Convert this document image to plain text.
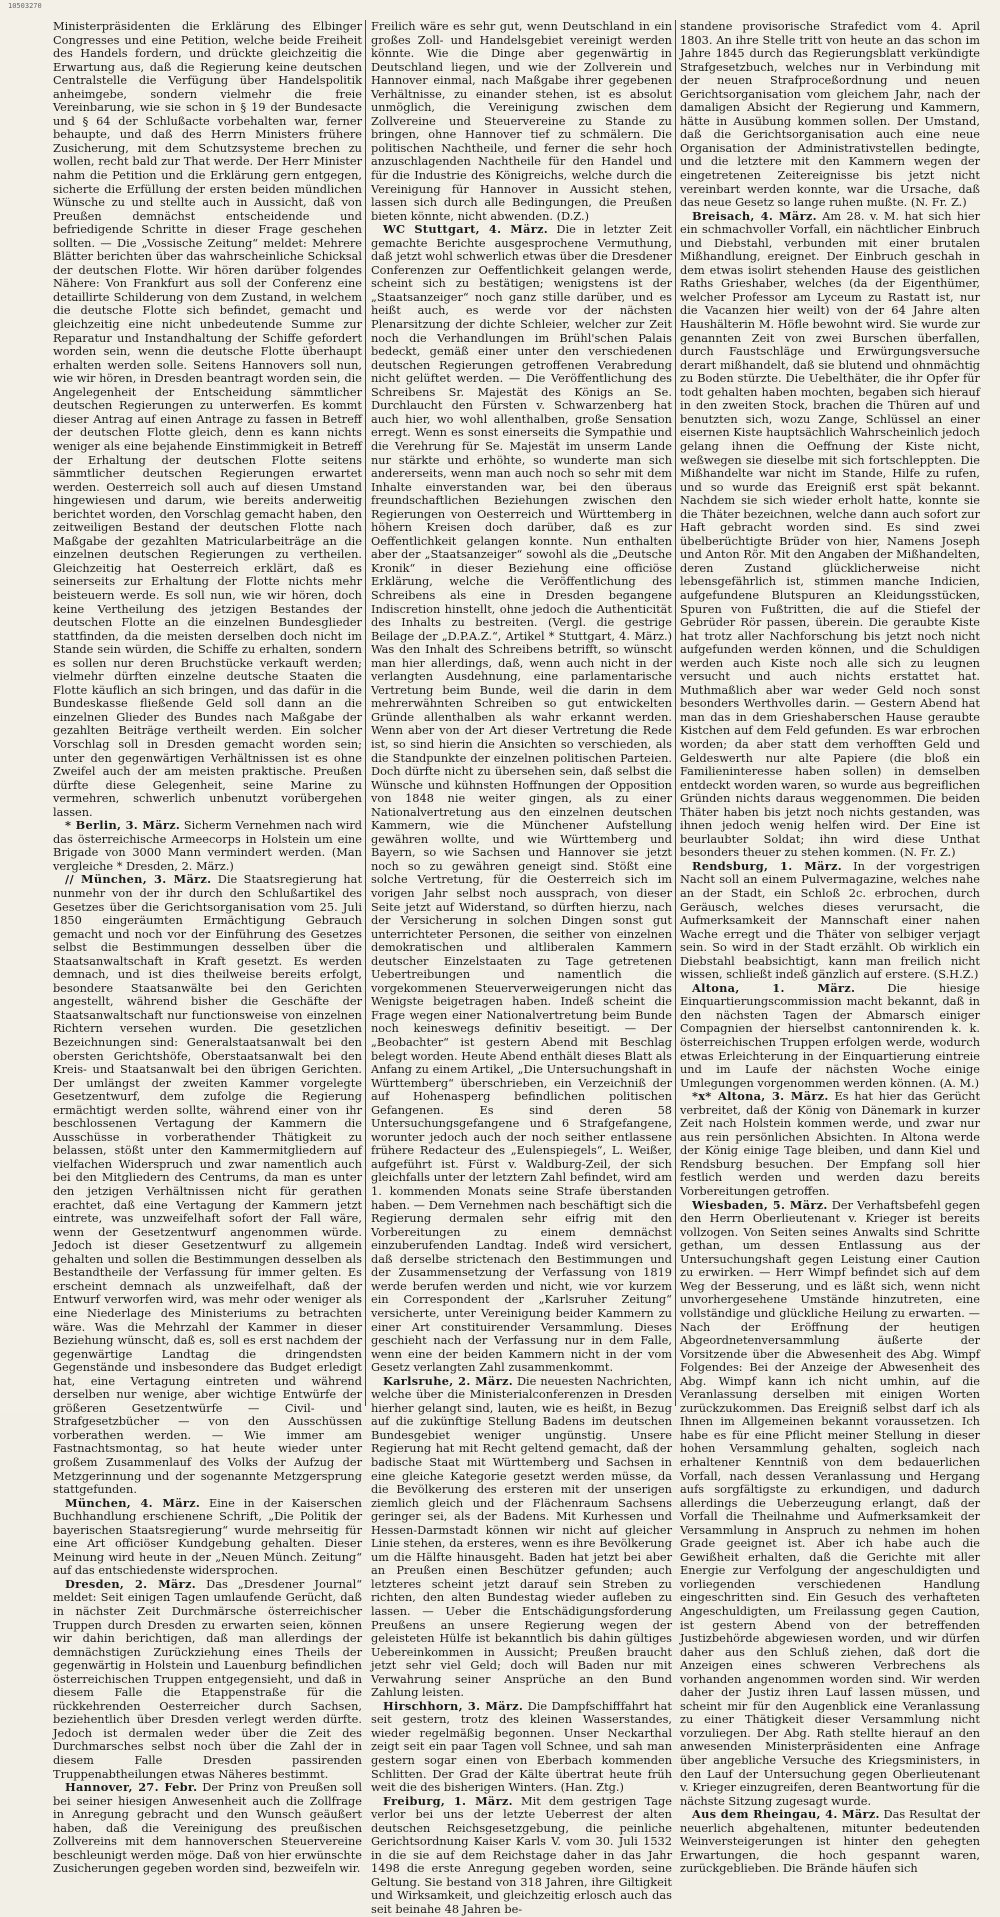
10503270

Ministerpräsidenten die Erklärung des Elbinger Congresses und eine Petition, welche beide Freiheit des Handels fordern, und drückte gleichzeitig die Erwartung aus, daß die Regierung keine deutschen Centralstelle die Verfügung über Handelspolitik anheimgebe, sondern vielmehr die freie Vereinbarung, wie sie schon in § 19 der Bundesacte und § 64 der Schlußacte vorbehalten war, ferner behaupte, und daß des Herrn Ministers frühere Zusicherung, mit dem Schutzsysteme brechen zu wollen, recht bald zur That werde. Der Herr Minister nahm die Petition und die Erklärung gern entgegen, sicherte die Erfüllung der ersten beiden mündlichen Wünsche zu und stellte auch in Aussicht, daß von Preußen demnächst entscheidende und befriedigende Schritte in dieser Frage geschehen sollten. — Die „Vossische Zeitung“ meldet: Mehrere Blätter berichten über das wahrscheinliche Schicksal der deutschen Flotte. Wir hören darüber folgendes Nähere: Von Frankfurt aus soll der Conferenz eine detaillirte Schilderung von dem Zustand, in welchem die deutsche Flotte sich befindet, gemacht und gleichzeitig eine nicht unbedeutende Summe zur Reparatur und Instandhaltung der Schiffe gefordert worden sein, wenn die deutsche Flotte überhaupt erhalten werden solle. Seitens Hannovers soll nun, wie wir hören, in Dresden beantragt worden sein, die Angelegenheit der Entscheidung sämmtlicher deutschen Regierungen zu unterwerfen. Es kommt dieser Antrag auf einen Antrage zu fassen in Betreff der deutschen Flotte gleich, denn es kann nichts weniger als eine bejahende Einstimmigkeit in Betreff der Erhaltung der deutschen Flotte seitens sämmtlicher deutschen Regierungen erwartet werden. Oesterreich soll auch auf diesen Umstand hingewiesen und darum, wie bereits anderweitig berichtet worden, den Vorschlag gemacht haben, den zeitweiligen Bestand der deutschen Flotte nach Maßgabe der gezahlten Matricularbeiträge an die einzelnen deutschen Regierungen zu vertheilen. Gleichzeitig hat Oesterreich erklärt, daß es seinerseits zur Erhaltung der Flotte nichts mehr beisteuern werde. Es soll nun, wie wir hören, doch keine Vertheilung des jetzigen Bestandes der deutschen Flotte an die einzelnen Bundesglieder stattfinden, da die meisten derselben doch nicht im Stande sein würden, die Schiffe zu erhalten, sondern es sollen nur deren Bruchstücke verkauft werden; vielmehr dürften einzelne deutsche Staaten die Flotte käuflich an sich bringen, und das dafür in die Bundeskasse fließende Geld soll dann an die einzelnen Glieder des Bundes nach Maßgabe der gezahlten Beiträge vertheilt werden. Ein solcher Vorschlag soll in Dresden gemacht worden sein; unter den gegenwärtigen Verhältnissen ist es ohne Zweifel auch der am meisten praktische. Preußen dürfte diese Gelegenheit, seine Marine zu vermehren, schwerlich unbenutzt vorübergehen lassen.

* Berlin, 3. März. Sicherm Vernehmen nach wird das österreichische Armeecorps in Holstein um eine Brigade von 3000 Mann vermindert werden. (Man vergleiche * Dresden, 2. März.)

// München, 3. März. Die Staatsregierung hat nunmehr von der ihr durch den Schlußartikel des Gesetzes über die Gerichtsorganisation vom 25. Juli 1850 eingeräumten Ermächtigung Gebrauch gemacht und noch vor der Einführung des Gesetzes selbst die Bestimmungen desselben über die Staatsanwaltschaft in Kraft gesetzt. Es werden demnach, und ist dies theilweise bereits erfolgt, besondere Staatsanwälte bei den Gerichten angestellt, während bisher die Geschäfte der Staatsanwaltschaft nur functionsweise von einzelnen Richtern versehen wurden. Die gesetzlichen Bezeichnungen sind: Generalstaatsanwalt bei den obersten Gerichtshöfe, Oberstaatsanwalt bei den Kreis- und Staatsanwalt bei den übrigen Gerichten. Der umlängst der zweiten Kammer vorgelegte Gesetzentwurf, dem zufolge die Regierung ermächtigt werden sollte, während einer von ihr beschlossenen Vertagung der Kammern die Ausschüsse in vorberathender Thätigkeit zu belassen, stößt unter den Kammermitgliedern auf vielfachen Widerspruch und zwar namentlich auch bei den Mitgliedern des Centrums, da man es unter den jetzigen Verhältnissen nicht für gerathen erachtet, daß eine Vertagung der Kammern jetzt eintrete, was unzweifelhaft sofort der Fall wäre, wenn der Gesetzentwurf angenommen würde. Jedoch ist dieser Gesetzentwurf zu allgemein gehalten und sollen die Bestimmungen desselben als Bestandtheile der Verfassung für immer gelten. Es erscheint demnach als unzweifelhaft, daß der Entwurf verworfen wird, was mehr oder weniger als eine Niederlage des Ministeriums zu betrachten wäre. Was die Mehrzahl der Kammer in dieser Beziehung wünscht, daß es, soll es erst nachdem der gegenwärtige Landtag die dringendsten Gegenstände und insbesondere das Budget erledigt hat, eine Vertagung eintreten und während derselben nur wenige, aber wichtige Entwürfe der größeren Gesetzentwürfe — Civil- und Strafgesetzbücher — von den Ausschüssen vorberathen werden. — Wie immer am Fastnachtsmontag, so hat heute wieder unter großem Zusammenlauf des Volks der Aufzug der Metzgerinnung und der sogenannte Metzgersprung stattgefunden.

München, 4. März. Eine in der Kaiserschen Buchhandlung erschienene Schrift, „Die Politik der bayerischen Staatsregierung“ wurde mehrseitig für eine Art officiöser Kundgebung gehalten. Dieser Meinung wird heute in der „Neuen Münch. Zeitung“ auf das entschiedenste widersprochen.

Dresden, 2. März. Das „Dresdener Journal“ meldet: Seit einigen Tagen umlaufende Gerücht, daß in nächster Zeit Durchmärsche österreichischer Truppen durch Dresden zu erwarten seien, können wir dahin berichtigen, daß man allerdings der demnächstigen Zurückziehung eines Theils der gegenwärtig in Holstein und Lauenburg befindlichen österreichischen Truppen entgegensieht, und daß in diesem Falle die Etappenstraße für die rückkehrenden Oesterreicher durch Sachsen, beziehentlich über Dresden verlegt werden dürfte. Jedoch ist dermalen weder über die Zeit des Durchmarsches selbst noch über die Zahl der in diesem Falle Dresden passirenden Truppenabtheilungen etwas Näheres bestimmt.

Hannover, 27. Febr. Der Prinz von Preußen soll bei seiner hiesigen Anwesenheit auch die Zollfrage in Anregung gebracht und den Wunsch geäußert haben, daß die Vereinigung des preußischen Zollvereins mit dem hannoverschen Steuervereine beschleunigt werden möge. Daß von hier erwünschte Zusicherungen gegeben worden sind, bezweifeln wir.

Freilich wäre es sehr gut, wenn Deutschland in ein großes Zoll- und Handelsgebiet vereinigt werden könnte. Wie die Dinge aber gegenwärtig in Deutschland liegen, und wie der Zollverein und Hannover einmal, nach Maßgabe ihrer gegebenen Verhältnisse, zu einander stehen, ist es absolut unmöglich, die Vereinigung zwischen dem Zollvereine und Steuervereine zu Stande zu bringen, ohne Hannover tief zu schmälern. Die politischen Nachtheile, und ferner die sehr hoch anzuschlagenden Nachtheile für den Handel und für die Industrie des Königreichs, welche durch die Vereinigung für Hannover in Aussicht stehen, lassen sich durch alle Bedingungen, die Preußen bieten könnte, nicht abwenden. (D.Z.)

WC Stuttgart, 4. März. Die in letzter Zeit gemachte Berichte ausgesprochene Vermuthung, daß jetzt wohl schwerlich etwas über die Dresdener Conferenzen zur Oeffentlichkeit gelangen werde, scheint sich zu bestätigen; wenigstens ist der „Staatsanzeiger“ noch ganz stille darüber, und es heißt auch, es werde vor der nächsten Plenarsitzung der dichte Schleier, welcher zur Zeit noch die Verhandlungen im Brühl'schen Palais bedeckt, gemäß einer unter den verschiedenen deutschen Regierungen getroffenen Verabredung nicht gelüftet werden. — Die Veröffentlichung des Schreibens Sr. Majestät des Königs an Se. Durchlaucht den Fürsten v. Schwarzenberg hat auch hier, wo wohl allenthalben, große Sensation erregt. Wenn es sonst einerseits die Sympathie und die Verehrung für Se. Majestät im unserm Lande nur stärkte und erhöhte, so wunderte man sich andererseits, wenn man auch noch so sehr mit dem Inhalte einverstanden war, bei den überaus freundschaftlichen Beziehungen zwischen den Regierungen von Oesterreich und Württemberg in höhern Kreisen doch darüber, daß es zur Oeffentlichkeit gelangen konnte. Nun enthalten aber der „Staatsanzeiger“ sowohl als die „Deutsche Kronik“ in dieser Beziehung eine officiöse Erklärung, welche die Veröffentlichung des Schreibens als eine in Dresden begangene Indiscretion hinstellt, ohne jedoch die Authenticität des Inhalts zu bestreiten. (Vergl. die gestrige Beilage der „D.P.A.Z.“, Artikel * Stuttgart, 4. März.) Was den Inhalt des Schreibens betrifft, so wünscht man hier allerdings, daß, wenn auch nicht in der verlangten Ausdehnung, eine parlamentarische Vertretung beim Bunde, weil die darin in dem mehrerwähnten Schreiben so gut entwickelten Gründe allenthalben als wahr erkannt werden. Wenn aber von der Art dieser Vertretung die Rede ist, so sind hierin die Ansichten so verschieden, als die Standpunkte der einzelnen politischen Parteien. Doch dürfte nicht zu übersehen sein, daß selbst die Wünsche und kühnsten Hoffnungen der Opposition von 1848 nie weiter gingen, als zu einer Nationalvertretung aus den einzelnen deutschen Kammern, wie die Münchener Aufstellung gewähren wollte, und wie Württemberg und Bayern, so wie Sachsen und Hannover sie jetzt noch so zu gewähren geneigt sind. Stößt eine solche Vertretung, für die Oesterreich sich im vorigen Jahr selbst noch aussprach, von dieser Seite jetzt auf Widerstand, so dürften hierzu, nach der Versicherung in solchen Dingen sonst gut unterrichteter Personen, die seither von einzelnen demokratischen und altliberalen Kammern deutscher Einzelstaaten zu Tage getretenen Uebertreibungen und namentlich die vorgekommenen Steuerverweigerungen nicht das Wenigste beigetragen haben. Indeß scheint die Frage wegen einer Nationalvertretung beim Bunde noch keineswegs definitiv beseitigt. — Der „Beobachter“ ist gestern Abend mit Beschlag belegt worden. Heute Abend enthält dieses Blatt als Anfang zu einem Artikel, „Die Untersuchungshaft in Württemberg“ überschrieben, ein Verzeichniß der auf Hohenasperg befindlichen politischen Gefangenen. Es sind deren 58 Untersuchungsgefangene und 6 Strafgefangene, worunter jedoch auch der noch seither entlassene frühere Redacteur des „Eulenspiegels“, L. Weißer, aufgeführt ist. Fürst v. Waldburg-Zeil, der sich gleichfalls unter der letztern Zahl befindet, wird am 1. kommenden Monats seine Strafe überstanden haben. — Dem Vernehmen nach beschäftigt sich die Regierung dermalen sehr eifrig mit den Vorbereitungen zu einem demnächst einzuberufenden Landtag. Indeß wird versichert, daß derselbe strictenach den Bestimmungen und der Zusammensetzung der Verfassung von 1819 werde berufen werden und nicht, wie vor kurzem ein Correspondent der „Karlsruher Zeitung“ versicherte, unter Vereinigung beider Kammern zu einer Art constituirender Versammlung. Dieses geschieht nach der Verfassung nur in dem Falle, wenn eine der beiden Kammern nicht in der vom Gesetz verlangten Zahl zusammenkommt.

Karlsruhe, 2. März. Die neuesten Nachrichten, welche über die Ministerialconferenzen in Dresden hierher gelangt sind, lauten, wie es heißt, in Bezug auf die zukünftige Stellung Badens im deutschen Bundesgebiet weniger ungünstig. Unsere Regierung hat mit Recht geltend gemacht, daß der badische Staat mit Württemberg und Sachsen in eine gleiche Kategorie gesetzt werden müsse, da die Bevölkerung des ersteren mit der unserigen ziemlich gleich und der Flächenraum Sachsens geringer sei, als der Badens. Mit Kurhessen und Hessen-Darmstadt können wir nicht auf gleicher Linie stehen, da ersteres, wenn es ihre Bevölkerung um die Hälfte hinausgeht. Baden hat jetzt bei aber an Preußen einen Beschützer gefunden; auch letzteres scheint jetzt darauf sein Streben zu richten, den alten Bundestag wieder aufleben zu lassen. — Ueber die Entschädigungsforderung Preußens an unsere Regierung wegen der geleisteten Hülfe ist bekanntlich bis dahin gültiges Uebereinkommen in Aussicht; Preußen braucht jetzt sehr viel Geld; doch will Baden nur mit Verwahrung seiner Ansprüche an den Bund Zahlung leisten.

Hirschhorn, 3. März. Die Dampfschifffahrt hat seit gestern, trotz des kleinen Wasserstandes, wieder regelmäßig begonnen. Unser Neckarthal zeigt seit ein paar Tagen voll Schnee, und sah man gestern sogar einen von Eberbach kommenden Schlitten. Der Grad der Kälte übertrat heute früh weit die des bisherigen Winters. (Han. Ztg.)

Freiburg, 1. März. Mit dem gestrigen Tage verlor bei uns der letzte Ueberrest der alten deutschen Reichsgesetzgebung, die peinliche Gerichtsordnung Kaiser Karls V. vom 30. Juli 1532 in die sie auf dem Reichstage daher in das Jahr 1498 die erste Anregung gegeben worden, seine Geltung. Sie bestand von 318 Jahren, ihre Giltigkeit und Wirksamkeit, und gleichzeitig erlosch auch das seit beinahe 48 Jahren be-

standene provisorische Strafedict vom 4. April 1803. An ihre Stelle tritt von heute an das schon im Jahre 1845 durch das Regierungsblatt verkündigte Strafgesetzbuch, welches nur in Verbindung mit der neuen Strafproceßordnung und neuen Gerichtsorganisation vom gleichem Jahr, nach der damaligen Absicht der Regierung und Kammern, hätte in Ausübung kommen sollen. Der Umstand, daß die Gerichtsorganisation auch eine neue Organisation der Administrativstellen bedingte, und die letztere mit den Kammern wegen der eingetretenen Zeitereignisse bis jetzt nicht vereinbart werden konnte, war die Ursache, daß das neue Gesetz so lange ruhen mußte. (N. Fr. Z.)

Breisach, 4. März. Am 28. v. M. hat sich hier ein schmachvoller Vorfall, ein nächtlicher Einbruch und Diebstahl, verbunden mit einer brutalen Mißhandlung, ereignet. Der Einbruch geschah in dem etwas isolirt stehenden Hause des geistlichen Raths Grieshaber, welches (da der Eigenthümer, welcher Professor am Lyceum zu Rastatt ist, nur die Vacanzen hier weilt) von der 64 Jahre alten Haushälterin M. Höfle bewohnt wird. Sie wurde zur genannten Zeit von zwei Burschen überfallen, durch Faustschläge und Erwürgungsversuche derart mißhandelt, daß sie blutend und ohnmächtig zu Boden stürzte. Die Uebelthäter, die ihr Opfer für todt gehalten haben mochten, begaben sich hierauf in den zweiten Stock, brachen die Thüren auf und benutzten sich, wozu Zange, Schlüssel an einer eisernen Kiste hauptsächlich Wahrscheinlich jedoch gelang ihnen die Oeffnung der Kiste nicht, weßwegen sie dieselbe mit sich fortschleppten. Die Mißhandelte war nicht im Stande, Hilfe zu rufen, und so wurde das Ereigniß erst spät bekannt. Nachdem sie sich wieder erholt hatte, konnte sie die Thäter bezeichnen, welche dann auch sofort zur Haft gebracht worden sind. Es sind zwei übelberüchtigte Brüder von hier, Namens Joseph und Anton Rör. Mit den Angaben der Mißhandelten, deren Zustand glücklicherweise nicht lebensgefährlich ist, stimmen manche Indicien, aufgefundene Blutspuren an Kleidungsstücken, Spuren von Fußtritten, die auf die Stiefel der Gebrüder Rör passen, überein. Die geraubte Kiste hat trotz aller Nachforschung bis jetzt noch nicht aufgefunden werden können, und die Schuldigen werden auch Kiste noch alle sich zu leugnen versucht und auch nichts erstattet hat. Muthmaßlich aber war weder Geld noch sonst besonders Werthvolles darin. — Gestern Abend hat man das in dem Grieshaberschen Hause geraubte Kistchen auf dem Feld gefunden. Es war erbrochen worden; da aber statt dem verhofften Geld und Geldeswerth nur alte Papiere (die bloß ein Familieninteresse haben sollen) in demselben entdeckt worden waren, so wurde aus begreiflichen Gründen nichts daraus weggenommen. Die beiden Thäter haben bis jetzt noch nichts gestanden, was ihnen jedoch wenig helfen wird. Der Eine ist beurlaubter Soldat; ihn wird diese Unthat besonders theuer zu stehen kommen. (N. Fr. Z.)

Rendsburg, 1. März. In der vorgestrigen Nacht soll an einem Pulvermagazine, welches nahe an der Stadt, ein Schloß 2c. erbrochen, durch Geräusch, welches dieses verursacht, die Aufmerksamkeit der Mannschaft einer nahen Wache erregt und die Thäter von selbiger verjagt sein. So wird in der Stadt erzählt. Ob wirklich ein Diebstahl beabsichtigt, kann man freilich nicht wissen, schließt indeß gänzlich auf erstere. (S.H.Z.)

Altona, 1. März.	Die hiesige Einquartierungscommission macht bekannt, daß in den nächsten Tagen der Abmarsch einiger Compagnien der hierselbst cantonnirenden k. k. österreichischen Truppen erfolgen werde, wodurch etwas Erleichterung in der Einquartierung eintreie und im Laufe der nächsten Woche einige Umlegungen vorgenommen werden können. (A. M.)

*x* Altona, 3. März. Es hat hier das Gerücht verbreitet, daß der König von Dänemark in kurzer Zeit nach Holstein kommen werde, und zwar nur aus rein persönlichen Absichten. In Altona werde der König einige Tage bleiben, und dann Kiel und Rendsburg besuchen. Der Empfang soll hier festlich werden und werden dazu bereits Vorbereitungen getroffen.

Wiesbaden, 5. März. Der Verhaftsbefehl gegen den Herrn Oberlieutenant v. Krieger ist bereits vollzogen. Von Seiten seines Anwalts sind Schritte gethan, um dessen Entlassung aus der Untersuchungshaft gegen Leistung einer Caution zu erwirken. — Herr Wimpf befindet sich auf dem Weg der Besserung, und es läßt sich, wenn nicht unvorhergesehene Umstände hinzutreten, eine vollständige und glückliche Heilung zu erwarten. — Nach der Eröffnung der heutigen Abgeordnetenversammlung äußerte der Vorsitzende über die Abwesenheit des Abg. Wimpf Folgendes: Bei der Anzeige der Abwesenheit des Abg. Wimpf kann ich nicht umhin, auf die Veranlassung derselben mit einigen Worten zurückzukommen. Das Ereigniß selbst darf ich als Ihnen im Allgemeinen bekannt voraussetzen. Ich habe es für eine Pflicht meiner Stellung in dieser hohen Versammlung gehalten, sogleich nach erhaltener Kenntniß von dem bedauerlichen Vorfall, nach dessen Veranlassung und Hergang aufs sorgfältigste zu erkundigen, und dadurch allerdings die Ueberzeugung erlangt, daß der Vorfall die Theilnahme und Aufmerksamkeit der Versammlung in Anspruch zu nehmen im hohen Grade geeignet ist. Aber ich habe auch die Gewißheit erhalten, daß die Gerichte mit aller Energie zur Verfolgung der angeschuldigten und vorliegenden verschiedenen Handlung eingeschritten sind. Ein Gesuch des verhafteten Angeschuldigten, um Freilassung gegen Caution, ist gestern Abend von der betreffenden Justizbehörde abgewiesen worden, und wir dürfen daher aus den Schluß ziehen, daß dort die Anzeigen eines schweren Verbrechens als vorhanden angenommen worden sind. Wir werden daher der Justiz ihren Lauf lassen müssen, und scheint mir für den Augenblick eine Veranlassung zu einer Thätigkeit dieser Versammlung nicht vorzuliegen. Der Abg. Rath stellte hierauf an den anwesenden Ministerpräsidenten eine Anfrage über angebliche Versuche des Kriegsministers, in den Lauf der Untersuchung gegen Oberlieutenant v. Krieger einzugreifen, deren Beantwortung für die nächste Sitzung zugesagt wurde.

Aus dem Rheingau, 4. März. Das Resultat der neuerlich abgehaltenen, mitunter bedeutenden Weinversteigerungen ist hinter den gehegten Erwartungen, die hoch gespannt waren, zurückgeblieben. Die Brände häufen sich
